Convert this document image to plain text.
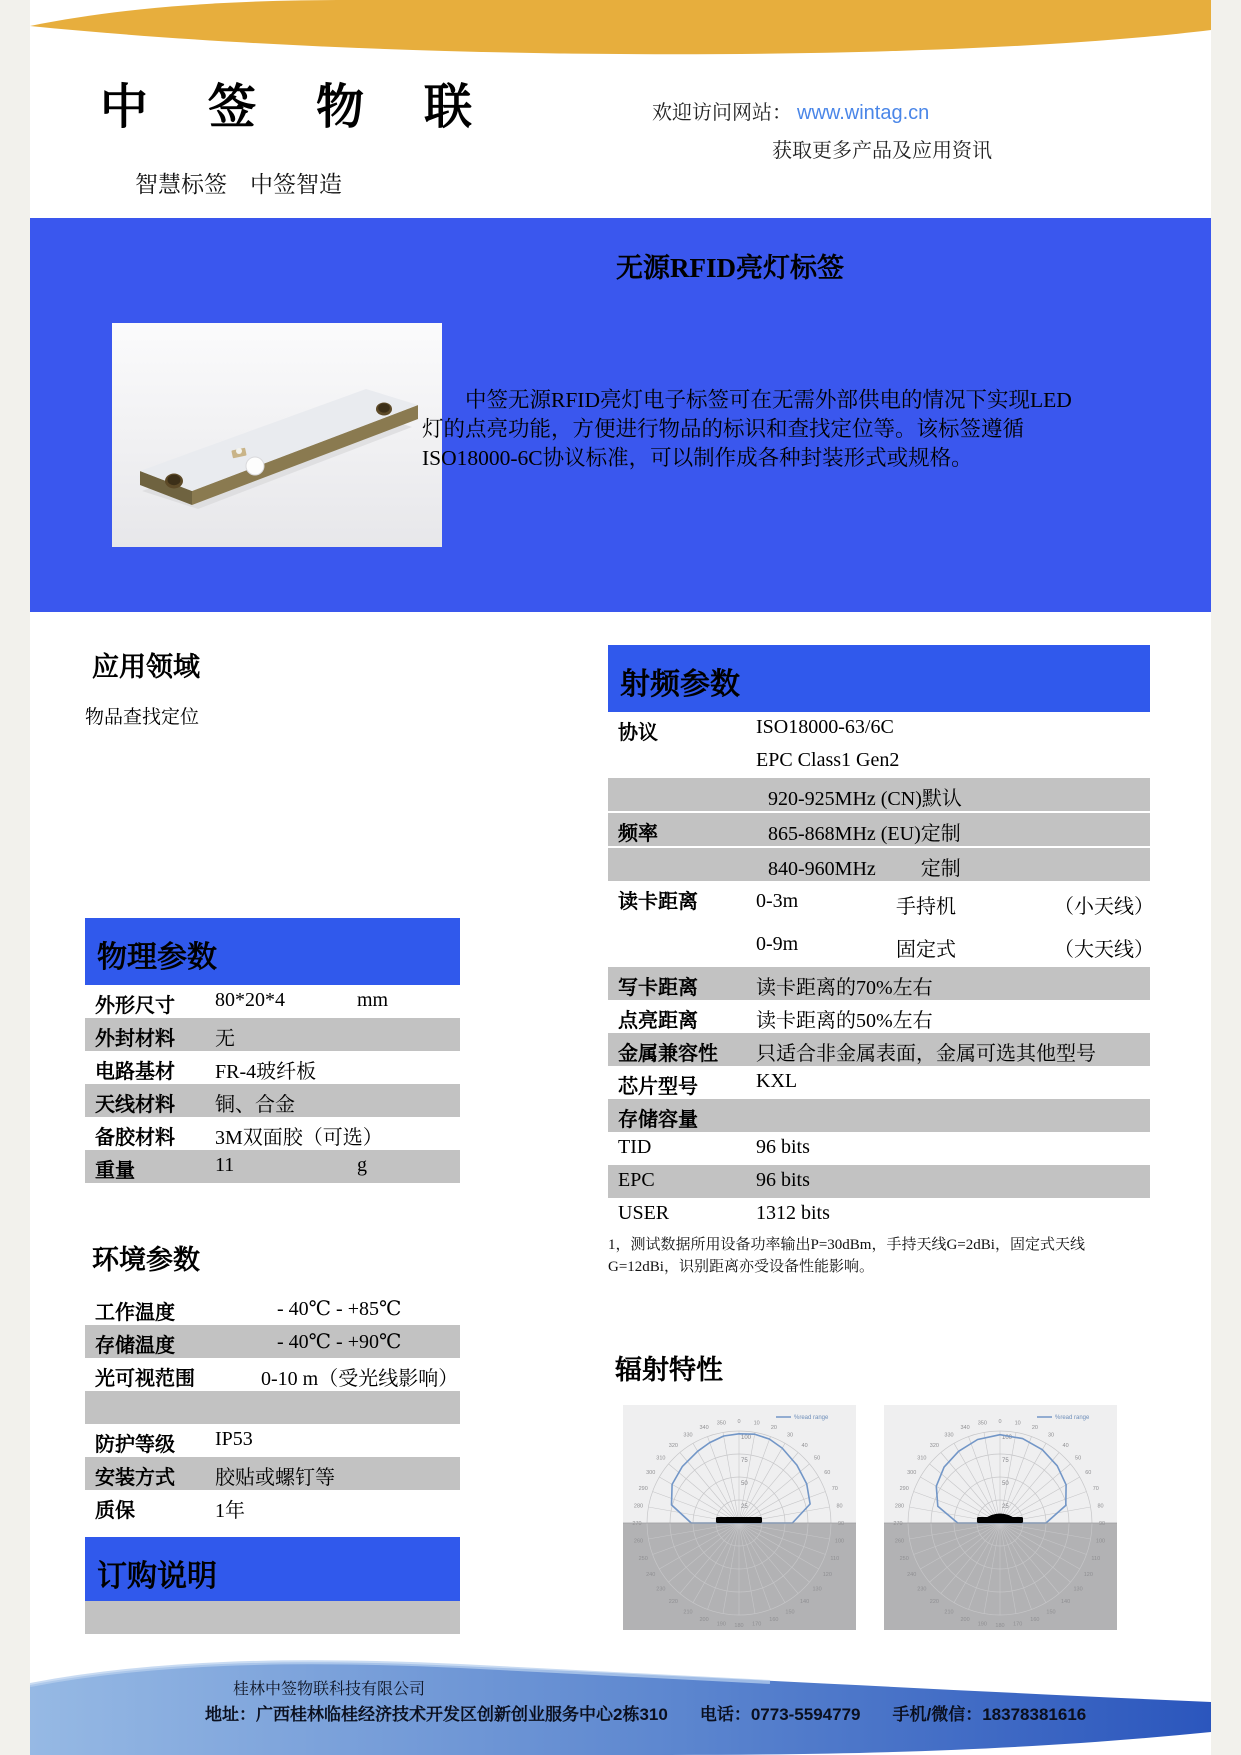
中 签 物 联
智慧标签　中签智造
欢迎访问网站： www.wintag.cn
获取更多产品及应用资讯
无源RFID亮灯标签
中签无源RFID亮灯电子标签可在无需外部供电的情况下实现LED灯的点亮功能，方便进行物品的标识和查找定位等。该标签遵循ISO18000-6C协议标准，可以制作成各种封装形式或规格。
应用领域
物品查找定位
物理参数
外形尺寸	80*20*4	mm
外封材料	无
电路基材	FR-4玻纤板
天线材料	铜、合金
备胶材料	3M双面胶（可选）
重量	11	g
环境参数
工作温度	- 40℃ - +85℃
存储温度	- 40℃ - +90℃
光可视范围	0-10 m（受光线影响）
防护等级	IP53
安装方式	胶贴或螺钉等
质保	1年
订购说明
射频参数
协议	ISO18000-63/6C
EPC Class1 Gen2
920-925MHz (CN)默认
频率	865-868MHz (EU)定制
840-960MHz　　 定制
读卡距离	0-3m	手持机	（小天线）
0-9m	固定式	（大天线）
写卡距离	读卡距离的70%左右
点亮距离	读卡距离的50%左右
金属兼容性	只适合非金属表面，金属可选其他型号
芯片型号	KXL
存储容量
TID	96 bits
EPC	96 bits
USER	1312 bits
1，测试数据所用设备功率输出P=30dBm，手持天线G=2dBi，固定式天线G=12dBi，识别距离亦受设备性能影响。
辐射特性
0 10
20
30
40
50
60
70
80
90
100
110
120
130
140
150
160
170
180
190
200
210
220
230
240
250
260
270
280
290
300
310
320
330
340
350
25
50
75
100
%read range
0 10
20
30
40
50
60
70
80
90
100
110
120
130
140
150
160
170
180
190
200
210
220
230
240
250
260
270
280
290
300
310
320
330
340
350
25
50
75
100
%read range
桂林中签物联科技有限公司
地址：广西桂林临桂经济技术开发区创新创业服务中心2栋310 电话：0773-5594779 手机/微信：18378381616
